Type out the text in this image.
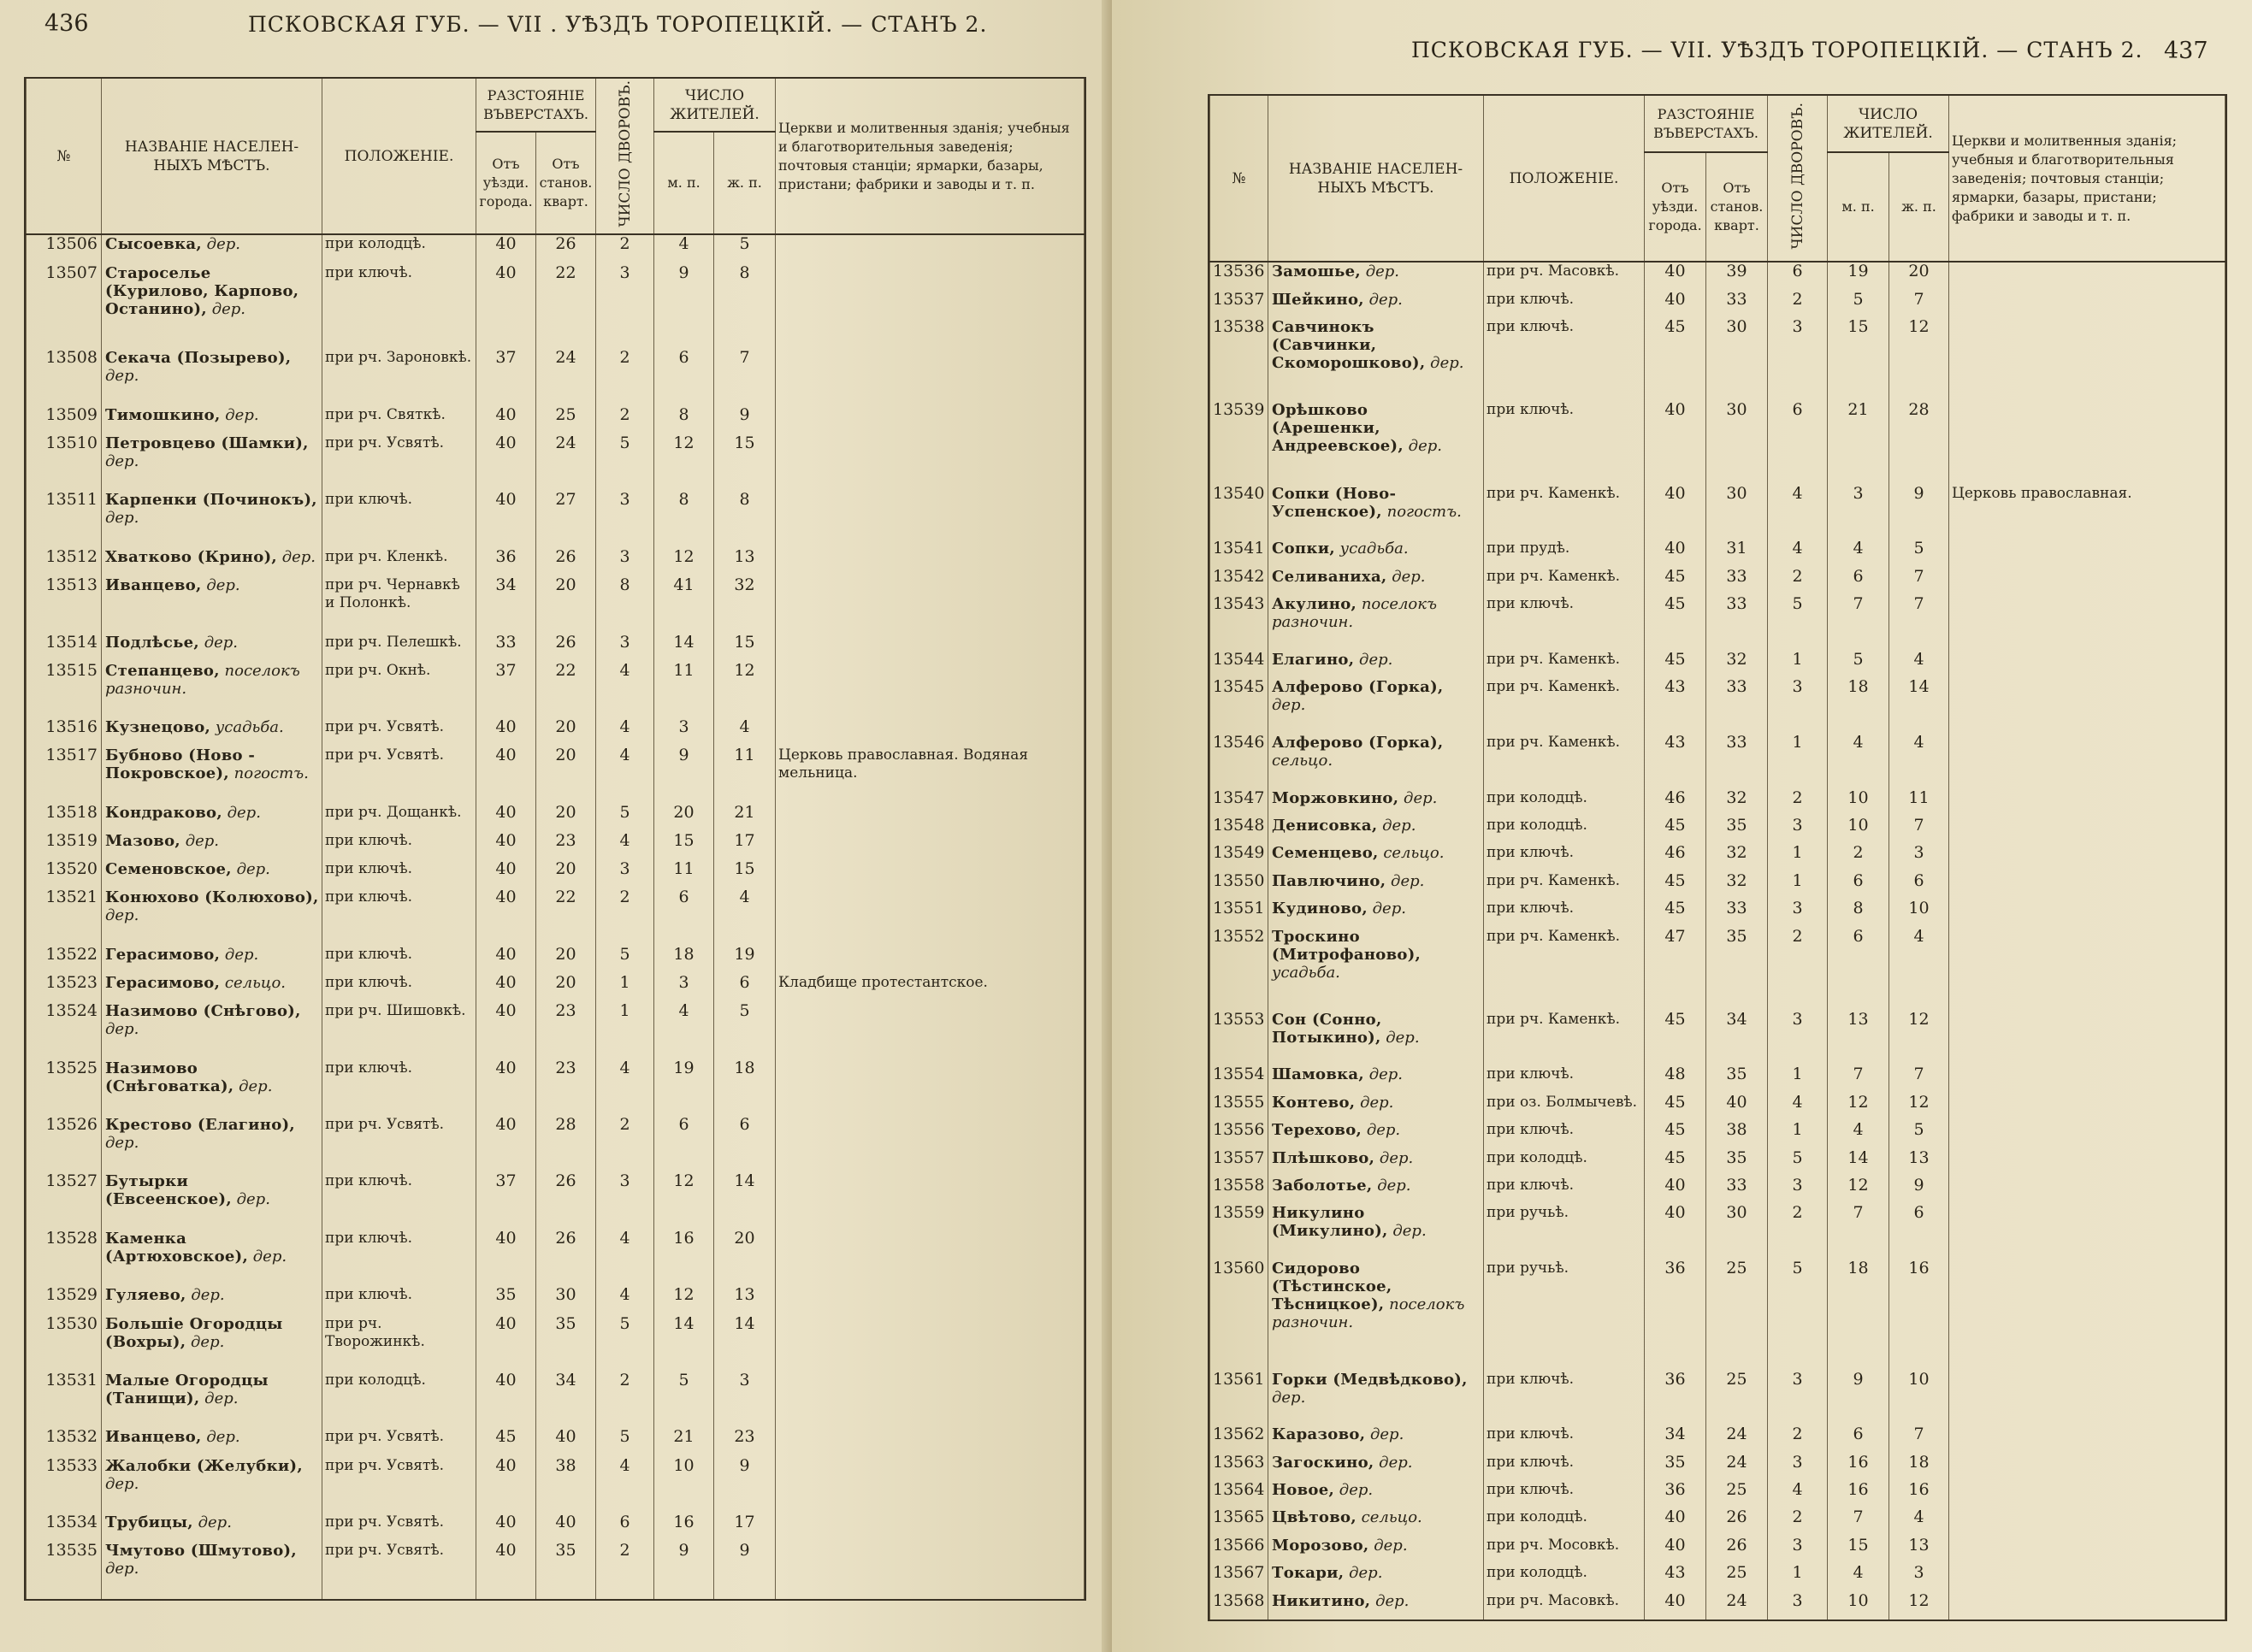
436	ПСКОВСКАЯ ГУБ. — VII . УѢЗДЪ ТОРОПЕЦКІЙ. — СТАНЪ 2.
№	НАЗВАНІЕ НАСЕЛЕН- НЫХЪ МѢСТЪ.	ПОЛОЖЕНІЕ.	РАЗСТОЯНІЕ ВЪВЕРСТАХЪ.		ЧИСЛО ДВОРОВЪ.	ЧИСЛО ЖИТЕЛЕЙ.		Церкви и молитвенныя зданія; учебныя и благотворительныя заведенія; почтовыя станціи; ярмарки, базары, пристани; фабрики и заводы и т. п.
			Отъ уѣзди. города.	Отъ станов. кварт.		м. п.	ж. п.	
13506	Сысоевка, дер.	при колодцѣ.	40	26	2	4	5	
13507	Староселье (Курилово, Карпово, Останино), дер.	при ключѣ.	40	22	3	9	8	
13508	Секача (Позырево), дер.	при рч. Зароновкѣ.	37	24	2	6	7	
13509	Тимошкино, дер.	при рч. Святкѣ.	40	25	2	8	9	
13510	Петровцево (Шамки), дер.	при рч. Усвятѣ.	40	24	5	12	15	
13511	Карпенки (Починокъ), дер.	при ключѣ.	40	27	3	8	8	
13512	Хватково (Крино), дер.	при рч. Кленкѣ.	36	26	3	12	13	
13513	Иванцево, дер.	при рч. Чернавкѣ и Полонкѣ.	34	20	8	41	32	
13514	Подлѣсье, дер.	при рч. Пелешкѣ.	33	26	3	14	15	
13515	Степанцево, поселокъ разночин.	при рч. Окнѣ.	37	22	4	11	12	
13516	Кузнецово, усадьба.	при рч. Усвятѣ.	40	20	4	3	4	
13517	Бубново (Ново - Покровское), погостъ.	при рч. Усвятѣ.	40	20	4	9	11	Церковь православная. Водяная мельница.
13518	Кондраково, дер.	при рч. Дощанкѣ.	40	20	5	20	21	
13519	Мазово, дер.	при ключѣ.	40	23	4	15	17	
13520	Семеновское, дер.	при ключѣ.	40	20	3	11	15	
13521	Конюхово (Колюхово), дер.	при ключѣ.	40	22	2	6	4	
13522	Герасимово, дер.	при ключѣ.	40	20	5	18	19	
13523	Герасимово, сельцо.	при ключѣ.	40	20	1	3	6	Кладбище протестантское.
13524	Назимово (Снѣгово), дер.	при рч. Шишовкѣ.	40	23	1	4	5	
13525	Назимово (Снѣговатка), дер.	при ключѣ.	40	23	4	19	18	
13526	Крестово (Елагино), дер.	при рч. Усвятѣ.	40	28	2	6	6	
13527	Бутырки (Евсеенское), дер.	при ключѣ.	37	26	3	12	14	
13528	Каменка (Артюховское), дер.	при ключѣ.	40	26	4	16	20	
13529	Гуляево, дер.	при ключѣ.	35	30	4	12	13	
13530	Большіе Огородцы (Вохры), дер.	при рч. Творожинкѣ.	40	35	5	14	14	
13531	Малые Огородцы (Танищи), дер.	при колодцѣ.	40	34	2	5	3	
13532	Иванцево, дер.	при рч. Усвятѣ.	45	40	5	21	23	
13533	Жалобки (Желубки), дер.	при рч. Усвятѣ.	40	38	4	10	9	
13534	Трубицы, дер.	при рч. Усвятѣ.	40	40	6	16	17	
13535	Чмутово (Шмутово), дер.	при рч. Усвятѣ.	40	35	2	9	9	
ПСКОВСКАЯ ГУБ. — VII. УѢЗДЪ ТОРОПЕЦКІЙ. — СТАНЪ 2. 437
№	НАЗВАНІЕ НАСЕЛЕН- НЫХЪ МѢСТЪ.	ПОЛОЖЕНІЕ.	РАЗСТОЯНІЕ ВЪВЕРСТАХЪ.		ЧИСЛО ДВОРОВЪ.	ЧИСЛО ЖИТЕЛЕЙ.		Церкви и молитвенныя зданія; учебныя и благотворительныя заведенія; почтовыя станціи; ярмарки, базары, пристани; фабрики и заводы и т. п.
			Отъ уѣзди. города.	Отъ станов. кварт.		м. п.	ж. п.	
13536	Замошье, дер.	при рч. Масовкѣ.	40	39	6	19	20	
13537	Шейкино, дер.	при ключѣ.	40	33	2	5	7	
13538	Савчинокъ (Савчинки, Скоморошково), дер.	при ключѣ.	45	30	3	15	12	
13539	Орѣшково (Арешенки, Андреевское), дер.	при ключѣ.	40	30	6	21	28	
13540	Сопки (Ново-Успенское), погостъ.	при рч. Каменкѣ.	40	30	4	3	9	Церковь православная.
13541	Сопки, усадьба.	при прудѣ.	40	31	4	4	5	
13542	Селиваниха, дер.	при рч. Каменкѣ.	45	33	2	6	7	
13543	Акулино, поселокъ разночин.	при ключѣ.	45	33	5	7	7	
13544	Елагино, дер.	при рч. Каменкѣ.	45	32	1	5	4	
13545	Алферово (Горка), дер.	при рч. Каменкѣ.	43	33	3	18	14	
13546	Алферово (Горка), сельцо.	при рч. Каменкѣ.	43	33	1	4	4	
13547	Моржовкино, дер.	при колодцѣ.	46	32	2	10	11	
13548	Денисовка, дер.	при колодцѣ.	45	35	3	10	7	
13549	Семенцево, сельцо.	при ключѣ.	46	32	1	2	3	
13550	Павлючино, дер.	при рч. Каменкѣ.	45	32	1	6	6	
13551	Кудиново, дер.	при ключѣ.	45	33	3	8	10	
13552	Троскино (Митрофаново), усадьба.	при рч. Каменкѣ.	47	35	2	6	4	
13553	Сон (Сонно, Потыкино), дер.	при рч. Каменкѣ.	45	34	3	13	12	
13554	Шамовка, дер.	при ключѣ.	48	35	1	7	7	
13555	Контево, дер.	при оз. Болмычевѣ.	45	40	4	12	12	
13556	Терехово, дер.	при ключѣ.	45	38	1	4	5	
13557	Плѣшково, дер.	при колодцѣ.	45	35	5	14	13	
13558	Заболотье, дер.	при ключѣ.	40	33	3	12	9	
13559	Никулино (Микулино), дер.	при ручьѣ.	40	30	2	7	6	
13560	Сидорово (Тѣстинское, Тѣсницкое), поселокъ разночин.	при ручьѣ.	36	25	5	18	16	
13561	Горки (Медвѣдково), дер.	при ключѣ.	36	25	3	9	10	
13562	Каразово, дер.	при ключѣ.	34	24	2	6	7	
13563	Загоскино, дер.	при ключѣ.	35	24	3	16	18	
13564	Новое, дер.	при ключѣ.	36	25	4	16	16	
13565	Цвѣтово, сельцо.	при колодцѣ.	40	26	2	7	4	
13566	Морозово, дер.	при рч. Мосовкѣ.	40	26	3	15	13	
13567	Токари, дер.	при колодцѣ.	43	25	1	4	3	
13568	Никитино, дер.	при рч. Масовкѣ.	40	24	3	10	12	
